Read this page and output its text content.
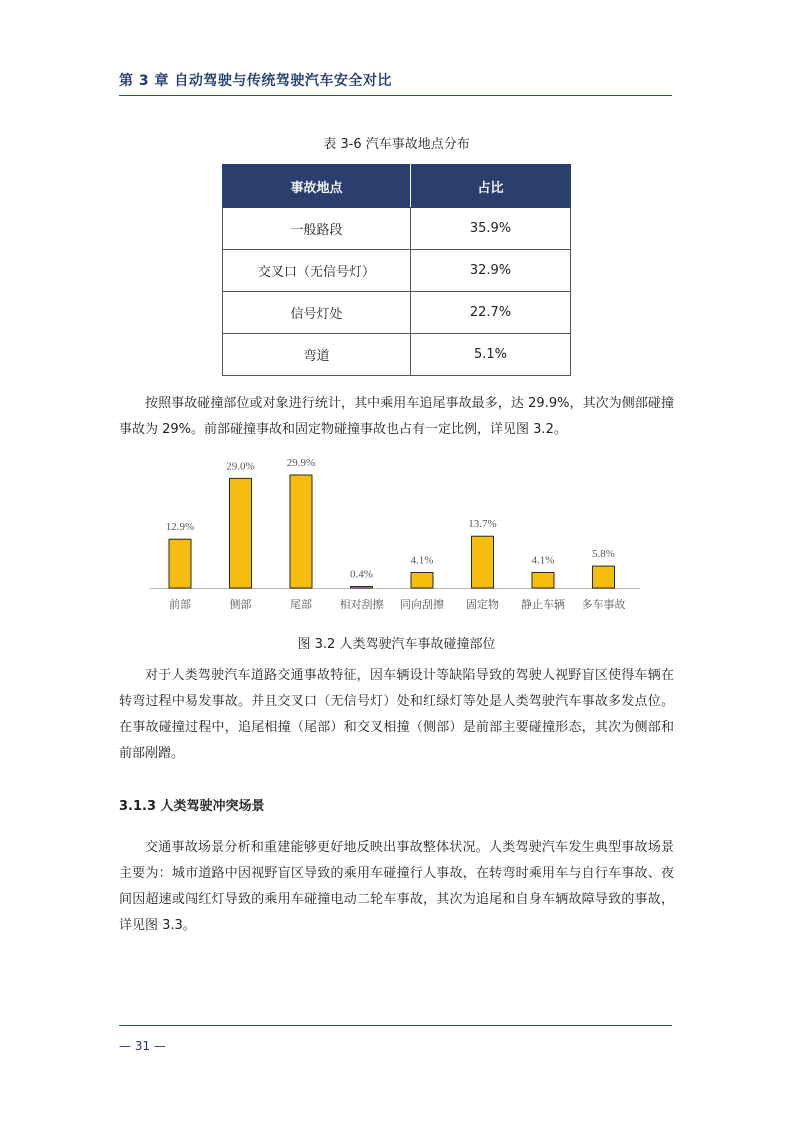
第 3 章 自动驾驶与传统驾驶汽车安全对比
表 3-6 汽车事故地点分布
事故地点	占比
一般路段	35.9%
交叉口（无信号灯）	32.9%
信号灯处	22.7%
弯道	5.1%

按照事故碰撞部位或对象进行统计，其中乘用车追尾事故最多，达 29.9%，其次为侧部碰撞事故为 29%。前部碰撞事故和固定物碰撞事故也占有一定比例，详见图 3.2。

12.9%
前部
29.0%
侧部
29.9%
尾部
0.4%
相对刮擦
4.1%
同向刮擦
13.7%
固定物
4.1%
静止车辆
5.8%
多车事故
图 3.2 人类驾驶汽车事故碰撞部位

对于人类驾驶汽车道路交通事故特征，因车辆设计等缺陷导致的驾驶人视野盲区使得车辆在转弯过程中易发事故。并且交叉口（无信号灯）处和红绿灯等处是人类驾驶汽车事故多发点位。在事故碰撞过程中，追尾相撞（尾部）和交叉相撞（侧部）是前部主要碰撞形态，其次为侧部和前部剐蹭。

3.1.3 人类驾驶冲突场景

交通事故场景分析和重建能够更好地反映出事故整体状况。人类驾驶汽车发生典型事故场景主要为：城市道路中因视野盲区导致的乘用车碰撞行人事故，在转弯时乘用车与自行车事故、夜间因超速或闯红灯导致的乘用车碰撞电动二轮车事故，其次为追尾和自身车辆故障导致的事故，详见图 3.3。

— 31 —
